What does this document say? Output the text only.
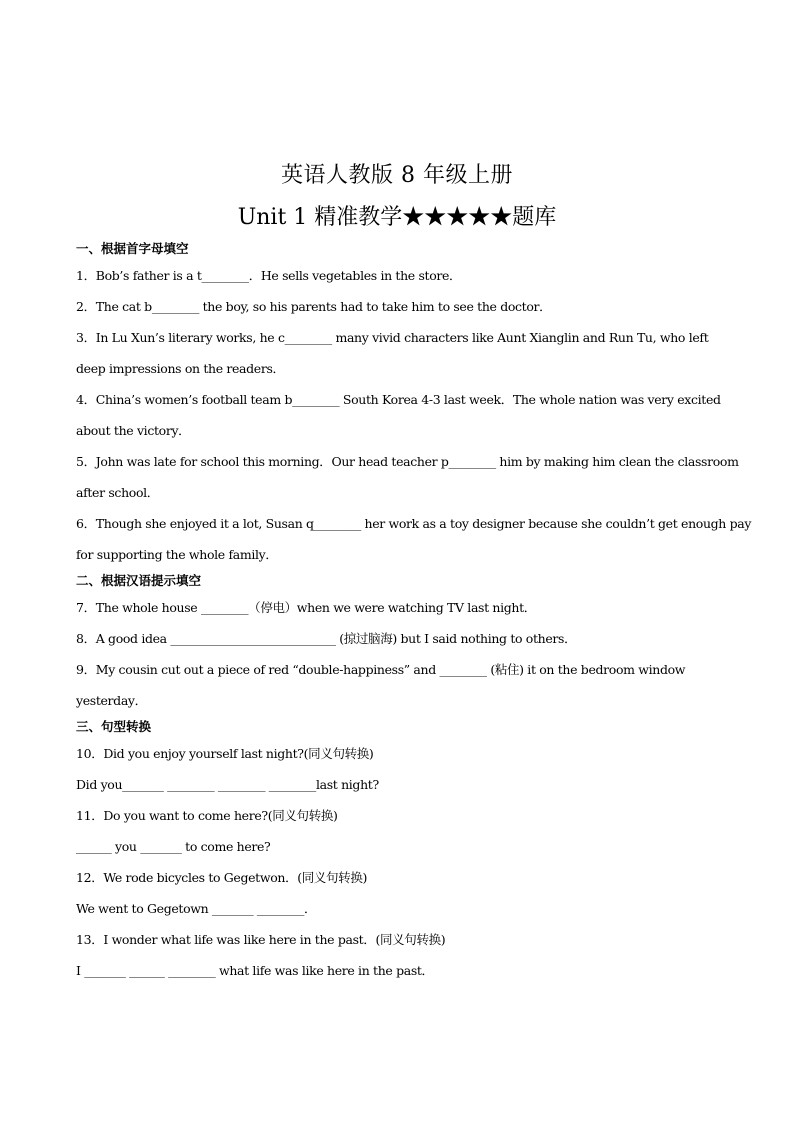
英语人教版 8 年级上册
Unit 1 精准教学★★★★★题库
一、根据首字母填空
1．Bob’s father is a t________．He sells vegetables in the store．
2．The cat b________ the boy, so his parents had to take him to see the doctor．
3．In Lu Xun’s literary works, he c________ many vivid characters like Aunt Xianglin and Run Tu, who left
deep impressions on the readers．
4．China’s women’s football team b________ South Korea 4-3 last week．The whole nation was very excited
about the victory．
5．John was late for school this morning．Our head teacher p________ him by making him clean the classroom
after school．
6．Though she enjoyed it a lot, Susan q________ her work as a toy designer because she couldn’t get enough pay
for supporting the whole family．
二、根据汉语提示填空
7．The whole house ________（停电）when we were watching TV last night．
8．A good idea ____________________________ (掠过脑海) but I said nothing to others．
9．My cousin cut out a piece of red “double-happiness” and ________ (粘住) it on the bedroom window
yesterday．
三、句型转换
10．Did you enjoy yourself last night?(同义句转换)
Did you_______ ________ ________ ________last night?
11．Do you want to come here?(同义句转换)
______ you _______ to come here?
12．We rode bicycles to Gegetwon．(同义句转换)
We went to Gegetown _______ ________．
13．I wonder what life was like here in the past．(同义句转换)
I _______ ______ ________ what life was like here in the past．
